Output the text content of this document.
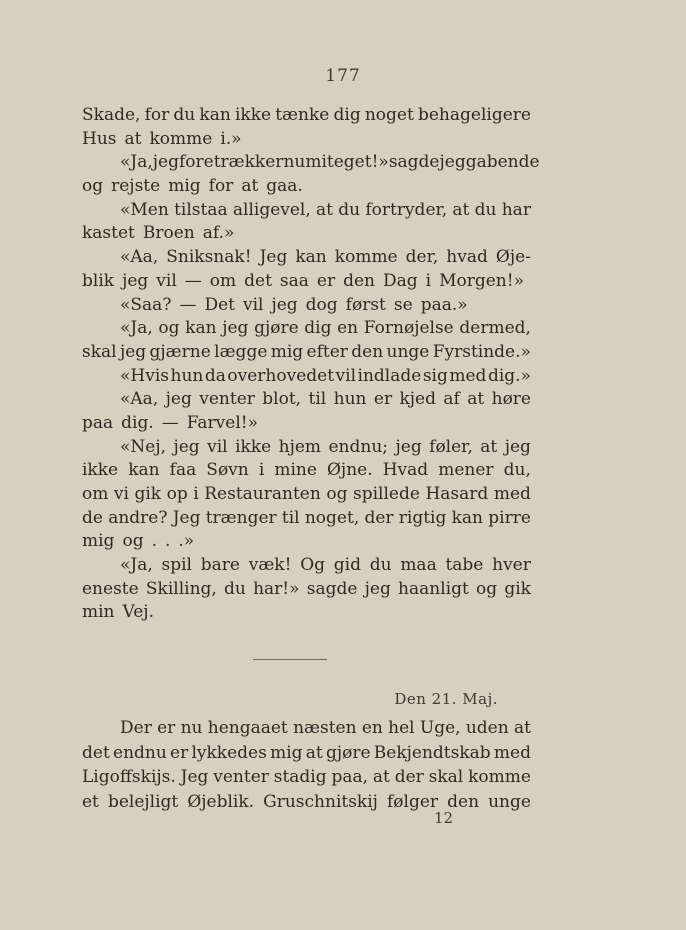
177
Skade, for du kan ikke tænke dig noget behageligere
Hus at komme i.»
«Ja, jeg foretrækker nu mit eget!» sagde jeg gabende
og rejste mig for at gaa.
«Men tilstaa alligevel, at du fortryder, at du har
kastet Broen af.»
«Aa, Sniksnak! Jeg kan komme der, hvad Øje-
blik jeg vil — om det saa er den Dag i Morgen!»
«Saa? — Det vil jeg dog først se paa.»
«Ja, og kan jeg gjøre dig en Fornøjelse dermed,
skal jeg gjærne lægge mig efter den unge Fyrstinde.»
«Hvis hun da overhovedet vil indlade sig med dig.»
«Aa, jeg venter blot, til hun er kjed af at høre
paa dig. — Farvel!»
«Nej, jeg vil ikke hjem endnu; jeg føler, at jeg
ikke kan faa Søvn i mine Øjne. Hvad mener du,
om vi gik op i Restauranten og spillede Hasard med
de andre? Jeg trænger til noget, der rigtig kan pirre
mig og . . .»
«Ja, spil bare væk! Og gid du maa tabe hver
eneste Skilling, du har!» sagde jeg haanligt og gik
min Vej.
Den 21. Maj.
Der er nu hengaaet næsten en hel Uge, uden at
det endnu er lykkedes mig at gjøre Bekjendtskab med
Ligoffskijs. Jeg venter stadig paa, at der skal komme
et belejligt Øjeblik. Gruschnitskij følger den unge
12
